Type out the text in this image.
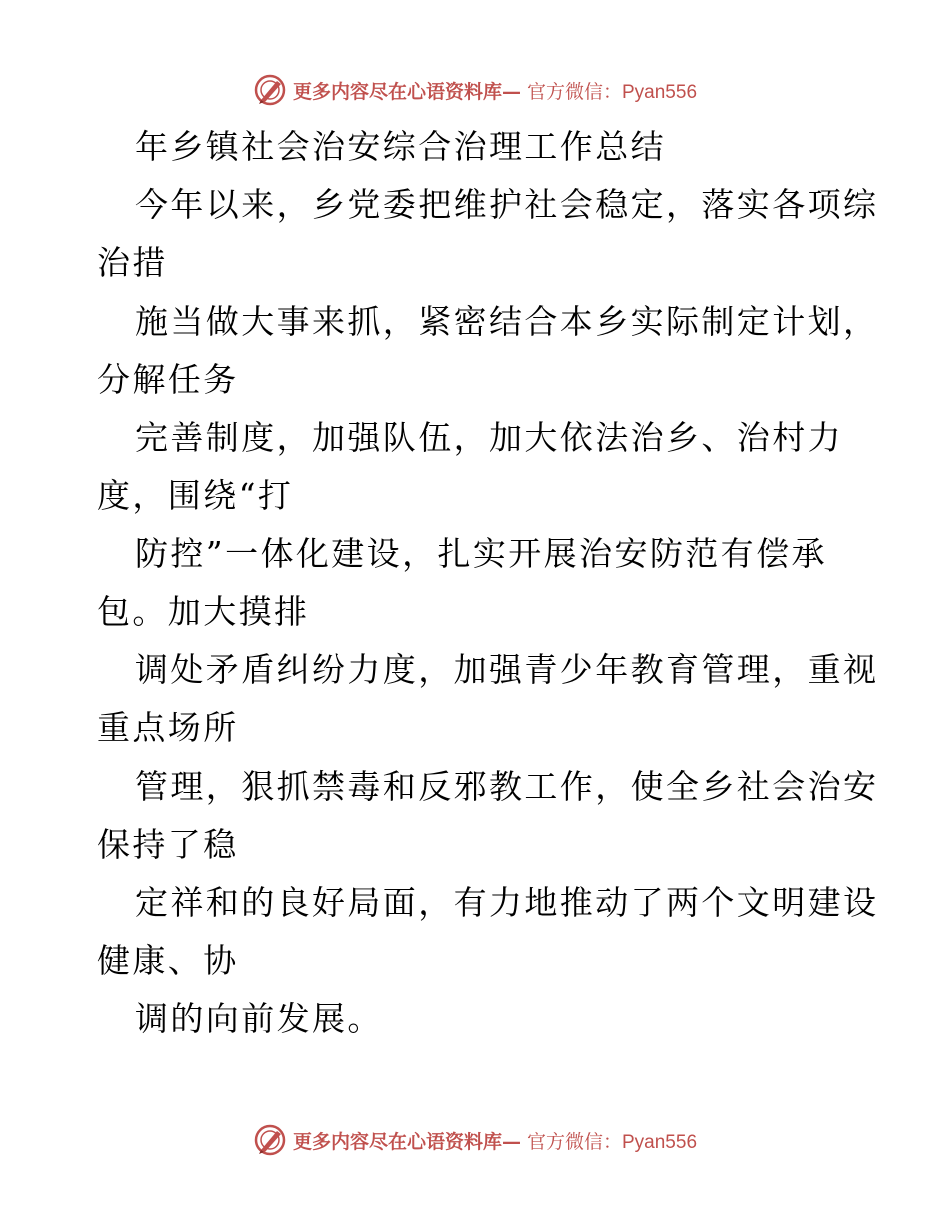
更多内容尽在心语资料库— 官方微信：Pyan556
年乡镇社会治安综合治理工作总结
今年以来，乡党委把维护社会稳定，落实各项综
治措
施当做大事来抓，紧密结合本乡实际制定计划，
分解任务
完善制度，加强队伍，加大依法治乡、治村力
度，围绕“打
防控”一体化建设，扎实开展治安防范有偿承
包。加大摸排
调处矛盾纠纷力度，加强青少年教育管理，重视
重点场所
管理，狠抓禁毒和反邪教工作，使全乡社会治安
保持了稳
定祥和的良好局面，有力地推动了两个文明建设
健康、协
调的向前发展。
更多内容尽在心语资料库— 官方微信：Pyan556
